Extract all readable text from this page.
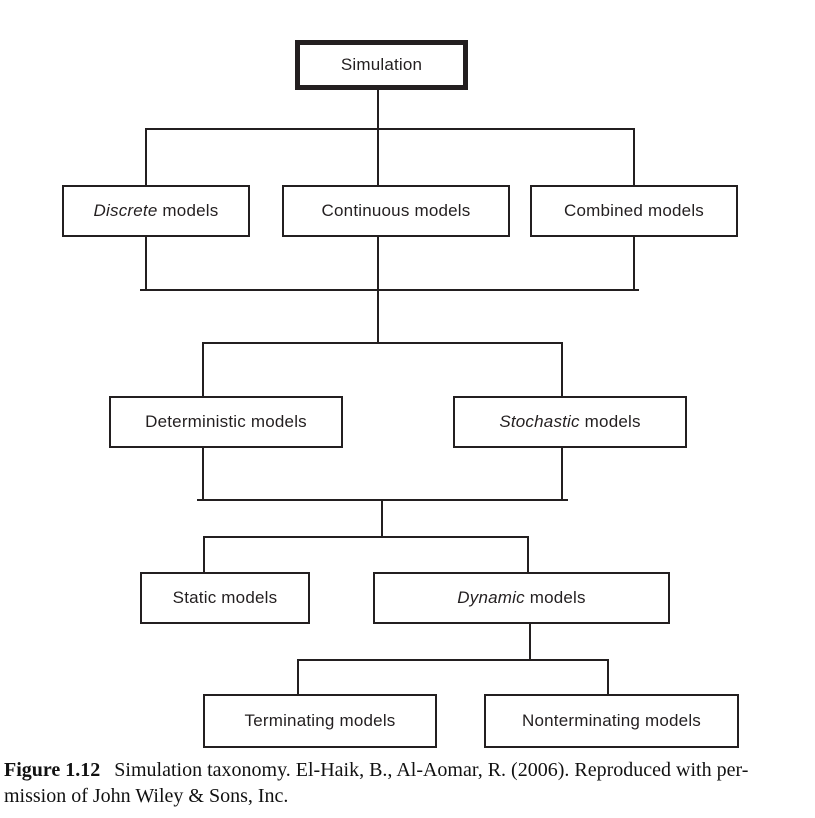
Simulation
Discrete models	Continuous models	Combined models
Deterministic models	Stochastic models
Static models	Dynamic models
Terminating models	Nonterminating models

Figure 1.12 Simulation taxonomy. El-Haik, B., Al-Aomar, R. (2006). Reproduced with per-
mission of John Wiley & Sons, Inc.
